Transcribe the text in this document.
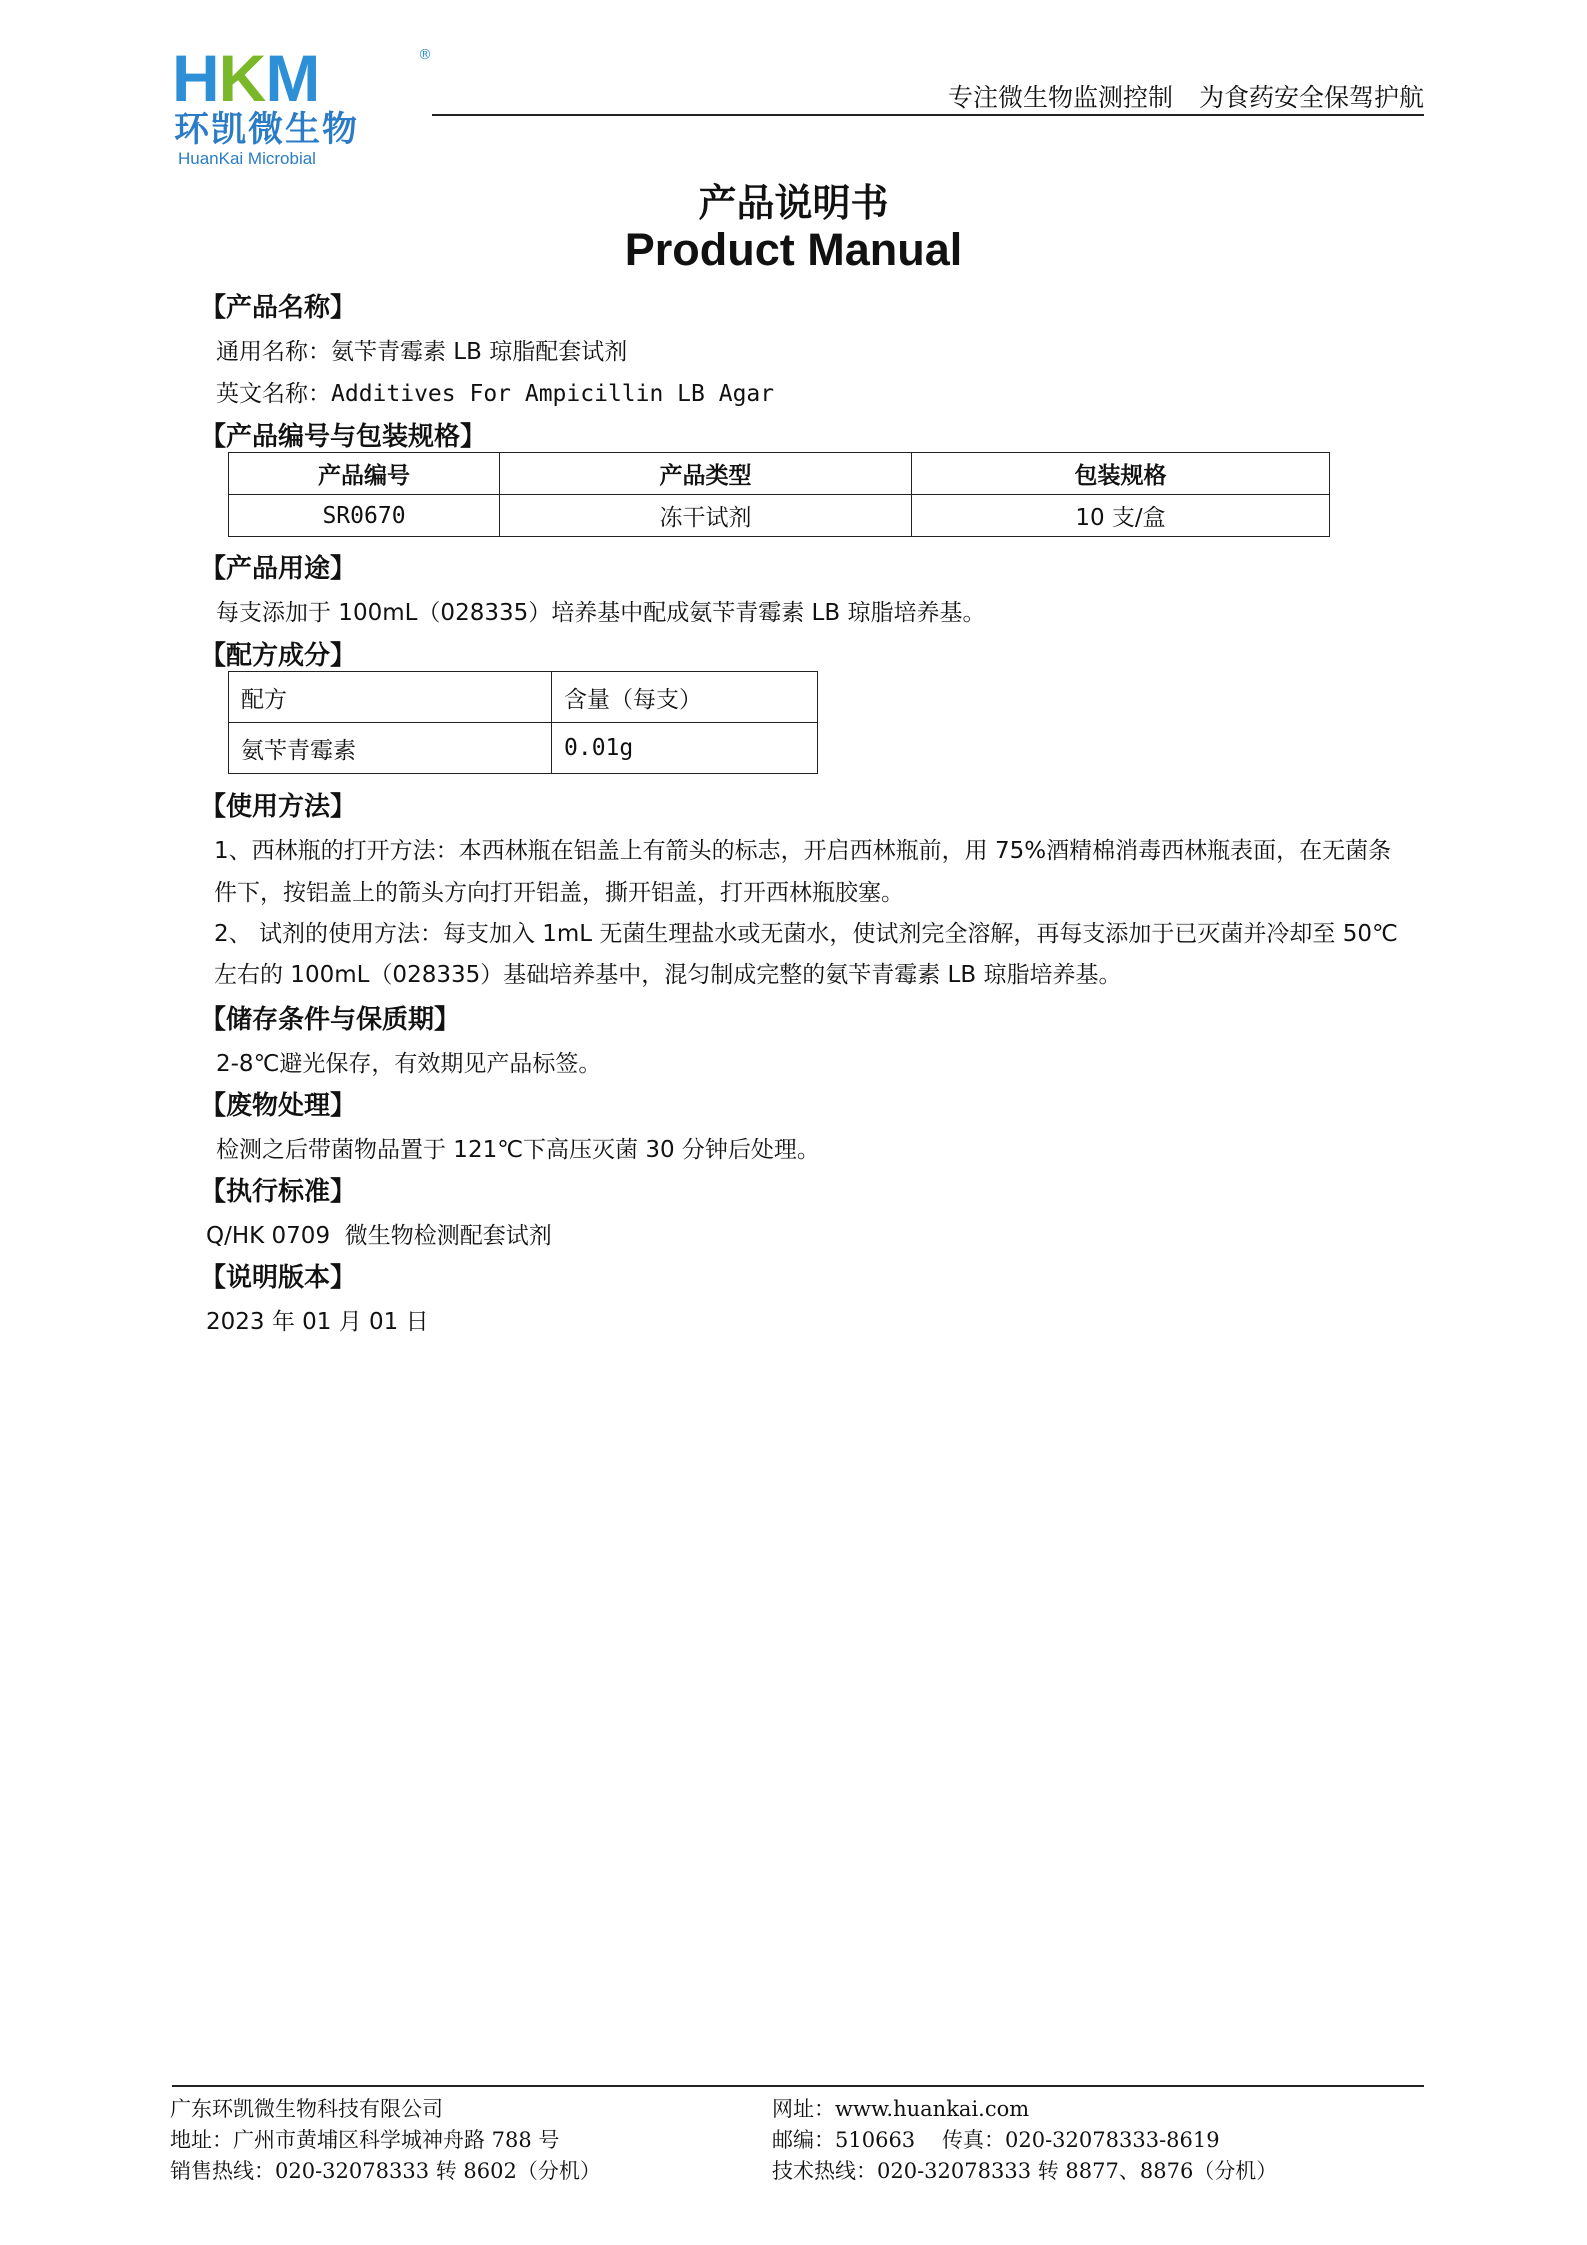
HKM	®
环凯微生物
HuanKai Microbial
专注微生物监测控制 为食药安全保驾护航
产品说明书
Product Manual
【产品名称】
通用名称：氨苄青霉素 LB 琼脂配套试剂
英文名称：Additives For Ampicillin LB Agar
【产品编号与包装规格】
产品编号	产品类型	包装规格
SR0670	冻干试剂	10 支/盒
【产品用途】
每支添加于 100mL（028335）培养基中配成氨苄青霉素 LB 琼脂培养基。
【配方成分】
配方	含量（每支）
氨苄青霉素	0.01g
【使用方法】
1、西林瓶的打开方法：本西林瓶在铝盖上有箭头的标志，开启西林瓶前，用 75%酒精棉消毒西林瓶表面，在无菌条
件下，按铝盖上的箭头方向打开铝盖，撕开铝盖，打开西林瓶胶塞。
2、 试剂的使用方法：每支加入 1mL 无菌生理盐水或无菌水，使试剂完全溶解，再每支添加于已灭菌并冷却至 50℃
左右的 100mL（028335）基础培养基中，混匀制成完整的氨苄青霉素 LB 琼脂培养基。
【储存条件与保质期】
2-8℃避光保存，有效期见产品标签。
【废物处理】
检测之后带菌物品置于 121℃下高压灭菌 30 分钟后处理。
【执行标准】
Q/HK 0709  微生物检测配套试剂
【说明版本】
2023 年 01 月 01 日
广东环凯微生物科技有限公司
地址：广州市黄埔区科学城神舟路 788 号
销售热线：020-32078333 转 8602（分机）
网址：www.huankai.com
邮编：510663 传真：020-32078333-8619
技术热线：020-32078333 转 8877、8876（分机）
